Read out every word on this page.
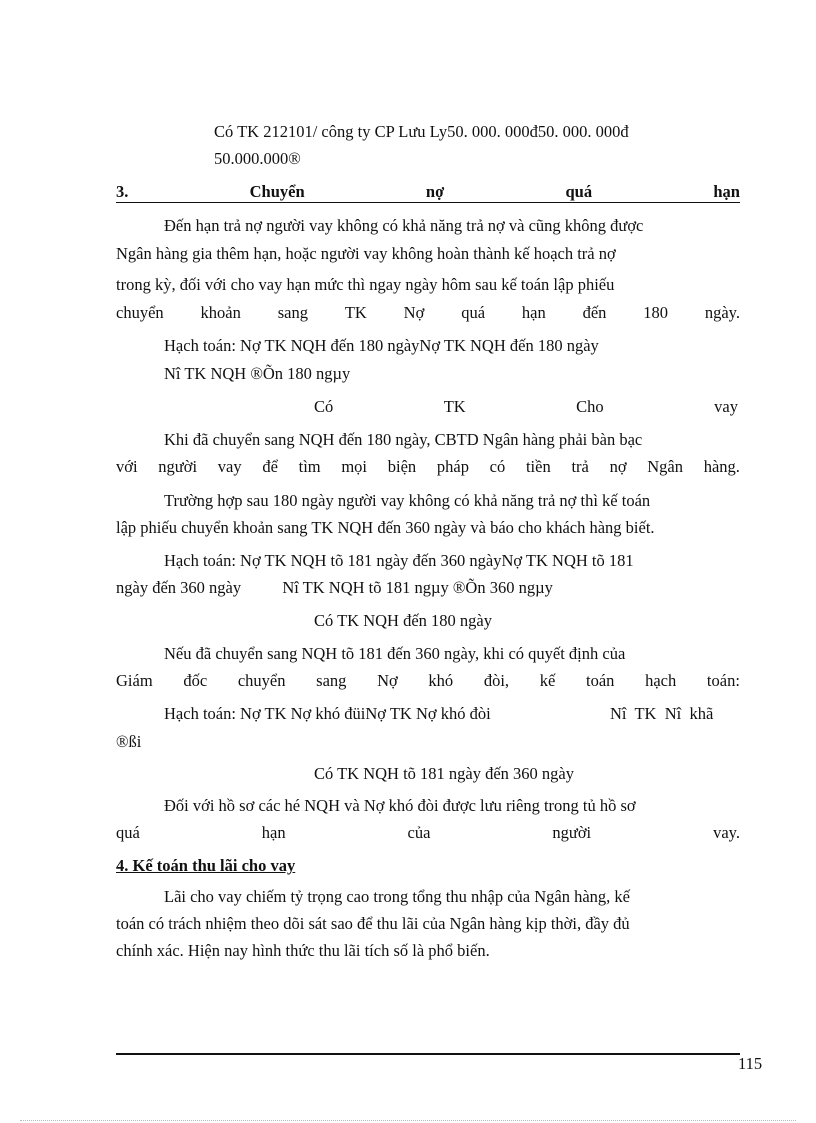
Có TK 212101/ công ty CP Lưu Ly50. 000. 000đ50. 000. 000đ
50.000.000®
3.	Chuyển	nợ	quá	hạn
Đến hạn trả nợ người vay không có khả năng trả nợ và cũng không được
Ngân hàng gia thêm hạn, hoặc người vay không hoàn thành kế hoạch trả nợ
trong kỳ, đối với cho vay hạn mức thì ngay ngày hôm sau kế toán lập phiếu
chuyển khoản sang TK Nợ quá hạn đến 180 ngày.
Hạch toán: Nợ TK NQH đến 180 ngàyNợ TK NQH đến 180 ngày
Nî TK NQH ®Õn 180 ngµy
Có	TK	Cho	vay
Khi đã chuyển sang NQH đến 180 ngày, CBTD Ngân hàng phải bàn bạc
với người vay để tìm mọi biện pháp có tiền trả nợ Ngân hàng.
Trường hợp sau 180 ngày người vay không có khả năng trả nợ thì kế toán
lập phiếu chuyển khoản sang TK NQH đến 360 ngày và báo cho khách hàng biết.
Hạch toán: Nợ TK NQH tõ 181 ngày đến 360 ngàyNợ TK NQH tõ 181
ngày đến 360 ngày          Nî TK NQH tõ 181 ngµy ®Õn 360 ngµy
Có TK NQH đến 180 ngày
Nếu đã chuyển sang NQH tõ 181 đến 360 ngày, khi có quyết định của
Giám đốc chuyển sang Nợ khó đòi, kế toán hạch toán:
Hạch toán: Nợ TK Nợ khó đüiNợ TK Nợ khó đòi	Nî  TK  Nî  khã
®ßi
Có TK NQH tõ 181 ngày đến 360 ngày
Đối với hồ sơ các hé NQH và Nợ khó đòi được lưu riêng trong tủ hồ sơ
quá	hạn	của	người	vay.
4. Kế toán thu lãi cho vay
Lãi cho vay chiếm tỷ trọng cao trong tổng thu nhập của Ngân hàng, kế
toán có trách nhiệm theo dõi sát sao để thu lãi của Ngân hàng kịp thời, đầy đủ
chính xác. Hiện nay hình thức thu lãi tích số là phổ biến.
115
